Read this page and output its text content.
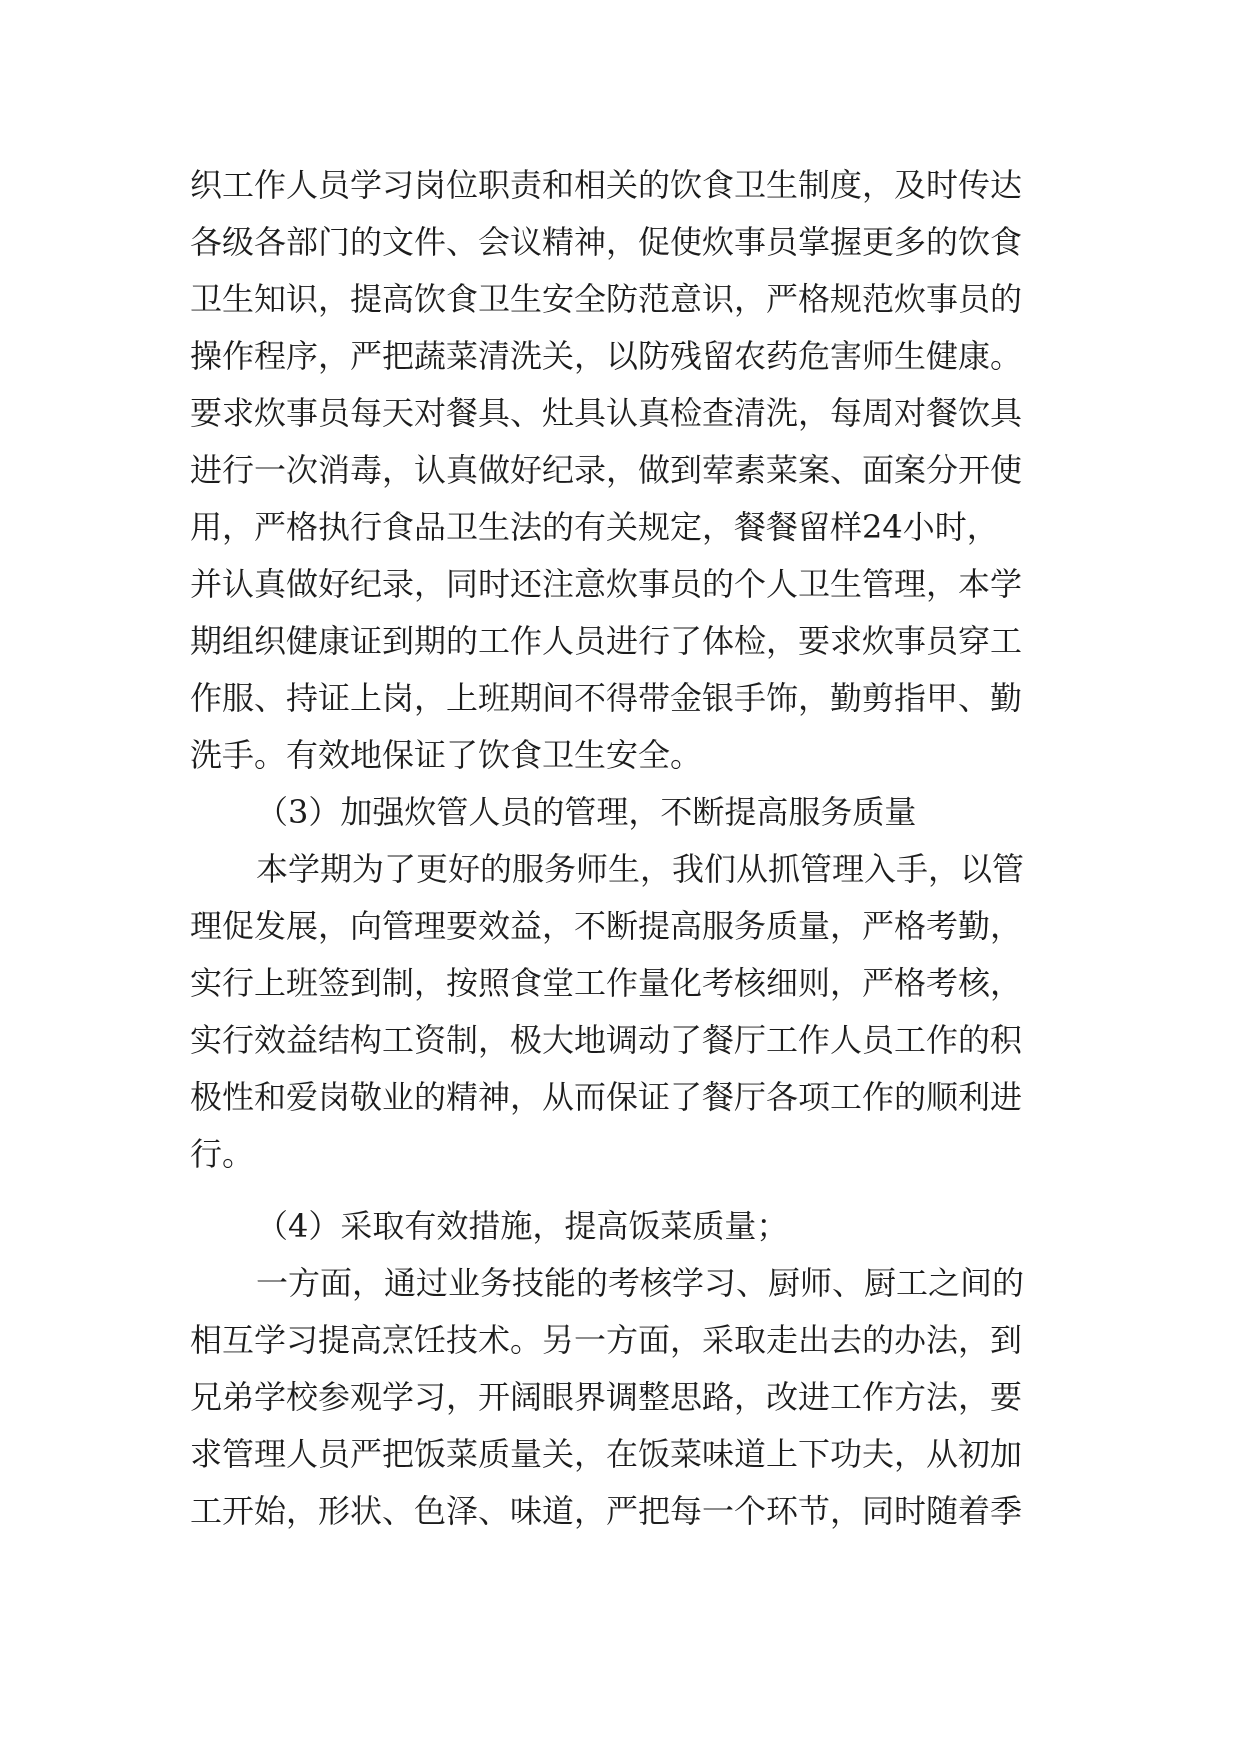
织工作人员学习岗位职责和相关的饮食卫生制度，及时传达
各级各部门的文件、会议精神，促使炊事员掌握更多的饮食
卫生知识，提高饮食卫生安全防范意识，严格规范炊事员的
操作程序，严把蔬菜清洗关，以防残留农药危害师生健康。
要求炊事员每天对餐具、灶具认真检查清洗，每周对餐饮具
进行一次消毒，认真做好纪录，做到荤素菜案、面案分开使
用，严格执行食品卫生法的有关规定，餐餐留样24小时，
并认真做好纪录，同时还注意炊事员的个人卫生管理，本学
期组织健康证到期的工作人员进行了体检，要求炊事员穿工
作服、持证上岗，上班期间不得带金银手饰，勤剪指甲、勤
洗手。有效地保证了饮食卫生安全。
（3）加强炊管人员的管理，不断提高服务质量
本学期为了更好的服务师生，我们从抓管理入手，以管
理促发展，向管理要效益，不断提高服务质量，严格考勤，
实行上班签到制，按照食堂工作量化考核细则，严格考核，
实行效益结构工资制，极大地调动了餐厅工作人员工作的积
极性和爱岗敬业的精神，从而保证了餐厅各项工作的顺利进
行。
（4）采取有效措施，提高饭菜质量；
一方面，通过业务技能的考核学习、厨师、厨工之间的
相互学习提高烹饪技术。另一方面，采取走出去的办法，到
兄弟学校参观学习，开阔眼界调整思路，改进工作方法，要
求管理人员严把饭菜质量关，在饭菜味道上下功夫，从初加
工开始，形状、色泽、味道，严把每一个环节，同时随着季
